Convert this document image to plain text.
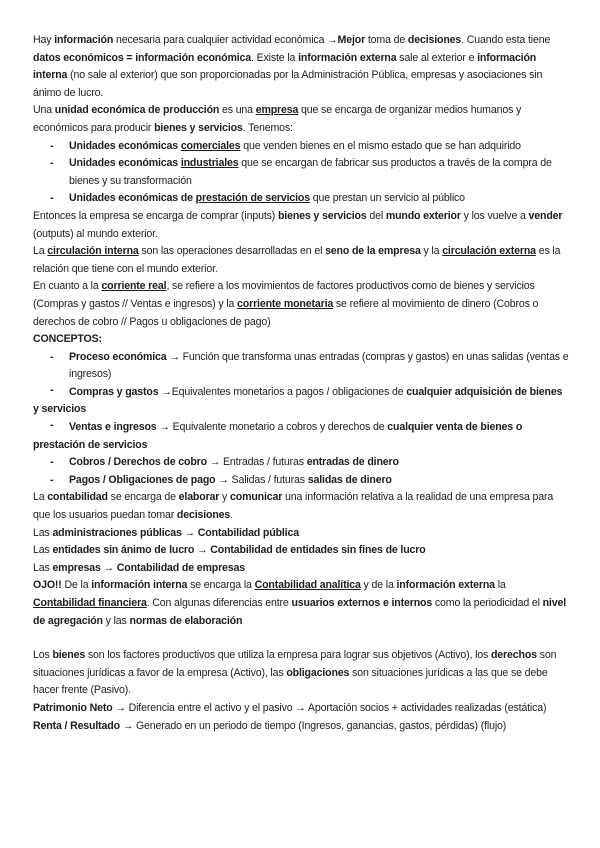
Hay información necesaria para cualquier actividad económica →Mejor toma de decisiones. Cuando esta tiene datos económicos = información económica. Existe la información externa sale al exterior e información interna (no sale al exterior) que son proporcionadas por la Administración Pública, empresas y asociaciones sin ánimo de lucro.

Una unidad económica de producción es una empresa que se encarga de organizar medios humanos y económicos para producir bienes y servicios. Tenemos:

- Unidades económicas comerciales que venden bienes en el mismo estado que se han adquirido
- Unidades económicas industriales que se encargan de fabricar sus productos a través de la compra de bienes y su transformación
- Unidades económicas de prestación de servicios que prestan un servicio al público

Entonces la empresa se encarga de comprar (inputs) bienes y servicios del mundo exterior y los vuelve a vender (outputs) al mundo exterior.

La circulación interna son las operaciones desarrolladas en el seno de la empresa y la circulación externa es la relación que tiene con el mundo exterior.

En cuanto a la corriente real, se refiere a los movimientos de factores productivos como de bienes y servicios (Compras y gastos // Ventas e ingresos) y la corriente monetaria se refiere al movimiento de dinero (Cobros o derechos de cobro // Pagos u obligaciones de pago)

CONCEPTOS:

- Proceso económica → Función que transforma unas entradas (compras y gastos) en unas salidas (ventas e ingresos)

- Compras y gastos →Equivalentes monetarios a pagos / obligaciones de cualquier adquisición de bienes y servicios

- Ventas e ingresos → Equivalente monetario a cobros y derechos de cualquier venta de bienes o prestación de servicios

- Cobros / Derechos de cobro → Entradas / futuras entradas de dinero
- Pagos / Obligaciones de pago → Salidas / futuras salidas de dinero

La contabilidad se encarga de elaborar y comunicar una información relativa a la realidad de una empresa para que los usuarios puedan tomar decisiones.

Las administraciones públicas → Contabilidad pública

Las entidades sin ánimo de lucro → Contabilidad de entidades sin fines de lucro

Las empresas → Contabilidad de empresas

OJO!! De la información interna se encarga la Contabilidad analítica y de la información externa la Contabilidad financiera. Con algunas diferencias entre usuarios externos e internos como la periodicidad el nivel de agregación y las normas de elaboración

Los bienes son los factores productivos que utiliza la empresa para lograr sus objetivos (Activo), los derechos son situaciones jurídicas a favor de la empresa (Activo), las obligaciones son situaciones jurídicas a las que se debe hacer frente (Pasivo).

Patrimonio Neto → Diferencia entre el activo y el pasivo → Aportación socios + actividades realizadas (estática)

Renta / Resultado → Generado en un periodo de tiempo (Ingresos, ganancias, gastos, pérdidas) (flujo)
